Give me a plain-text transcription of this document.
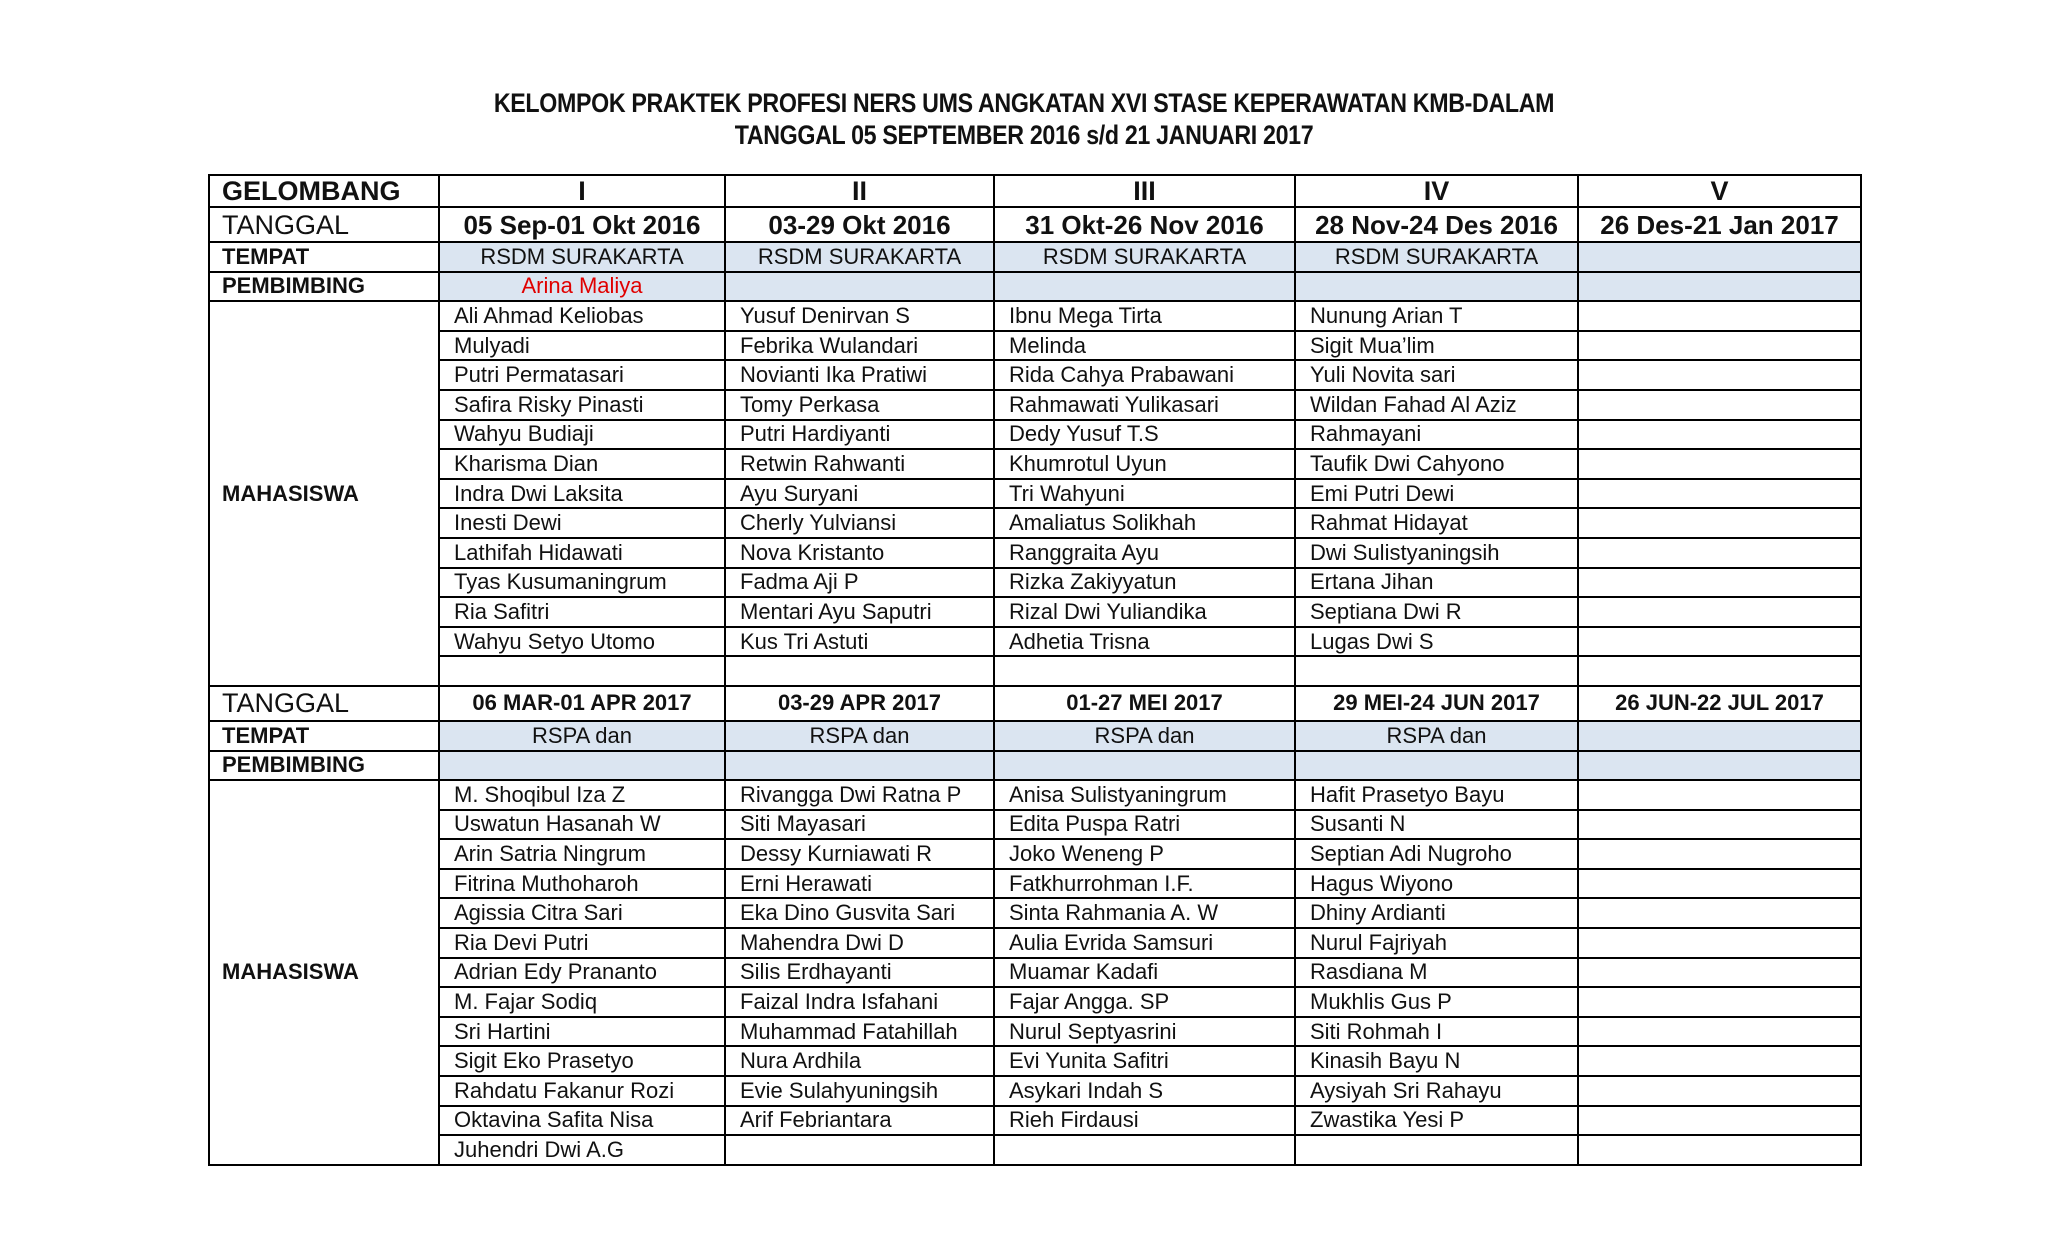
KELOMPOK PRAKTEK PROFESI NERS UMS ANGKATAN XVI STASE KEPERAWATAN KMB-DALAM
TANGGAL 05 SEPTEMBER 2016 s/d 21 JANUARI 2017
GELOMBANG	I	II	III	IV	V
TANGGAL	05 Sep-01 Okt 2016	03-29 Okt 2016	31 Okt-26 Nov 2016	28 Nov-24 Des 2016	26 Des-21 Jan 2017
TEMPAT	RSDM SURAKARTA	RSDM SURAKARTA	RSDM SURAKARTA	RSDM SURAKARTA	
PEMBIMBING	Arina Maliya				
MAHASISWA	Ali Ahmad Keliobas	Yusuf Denirvan S	Ibnu Mega Tirta	Nunung Arian T	
	Mulyadi	Febrika Wulandari	Melinda	Sigit Mua’lim	
	Putri Permatasari	Novianti Ika Pratiwi	Rida Cahya Prabawani	Yuli Novita sari	
	Safira Risky Pinasti	Tomy Perkasa	Rahmawati Yulikasari	Wildan Fahad Al Aziz	
	Wahyu Budiaji	Putri Hardiyanti	Dedy Yusuf T.S	Rahmayani	
	Kharisma Dian	Retwin Rahwanti	Khumrotul Uyun	Taufik Dwi Cahyono	
	Indra Dwi Laksita	Ayu Suryani	Tri Wahyuni	Emi Putri Dewi	
	Inesti Dewi	Cherly Yulviansi	Amaliatus Solikhah	Rahmat Hidayat	
	Lathifah Hidawati	Nova Kristanto	Ranggraita Ayu	Dwi Sulistyaningsih	
	Tyas Kusumaningrum	Fadma Aji P	Rizka Zakiyyatun	Ertana Jihan	
	Ria Safitri	Mentari Ayu Saputri	Rizal Dwi Yuliandika	Septiana Dwi R	
	Wahyu Setyo Utomo	Kus Tri Astuti	Adhetia Trisna	Lugas Dwi S	

TANGGAL	06 MAR-01 APR 2017	03-29 APR 2017	01-27 MEI 2017	29 MEI-24 JUN 2017	26 JUN-22 JUL 2017
TEMPAT	RSPA dan	RSPA dan	RSPA dan	RSPA dan	
PEMBIMBING					
MAHASISWA	M. Shoqibul Iza Z	Rivangga Dwi Ratna P	Anisa Sulistyaningrum	Hafit Prasetyo Bayu	
	Uswatun Hasanah W	Siti Mayasari	Edita Puspa Ratri	Susanti N	
	Arin Satria Ningrum	Dessy Kurniawati R	Joko Weneng P	Septian Adi Nugroho	
	Fitrina Muthoharoh	Erni Herawati	Fatkhurrohman I.F.	Hagus Wiyono	
	Agissia Citra Sari	Eka Dino Gusvita Sari	Sinta Rahmania A. W	Dhiny Ardianti	
	Ria Devi Putri	Mahendra Dwi D	Aulia Evrida Samsuri	Nurul Fajriyah	
	Adrian Edy Prananto	Silis Erdhayanti	Muamar Kadafi	Rasdiana M	
	M. Fajar Sodiq	Faizal Indra Isfahani	Fajar Angga. SP	Mukhlis Gus P	
	Sri Hartini	Muhammad Fatahillah	Nurul Septyasrini	Siti Rohmah I	
	Sigit Eko Prasetyo	Nura Ardhila	Evi Yunita Safitri	Kinasih Bayu N	
	Rahdatu Fakanur Rozi	Evie Sulahyuningsih	Asykari Indah S	Aysiyah Sri Rahayu	
	Oktavina Safita Nisa	Arif Febriantara	Rieh Firdausi	Zwastika Yesi P	
	Juhendri Dwi A.G				
